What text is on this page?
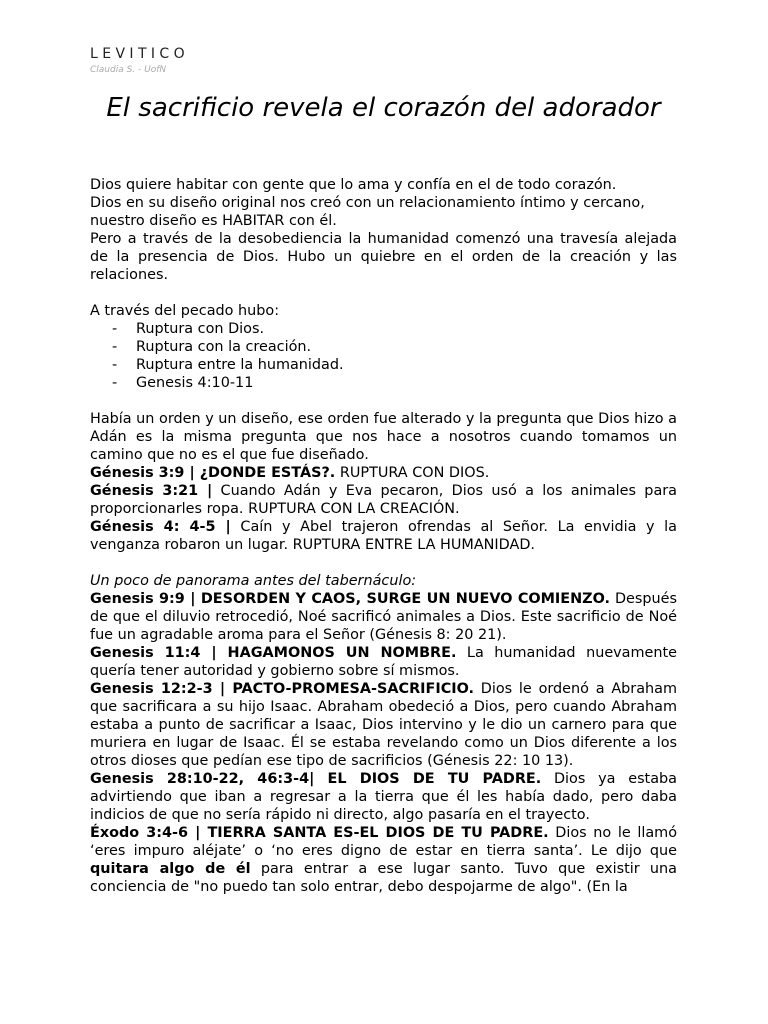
LEVITICO
Claudia S. - UofN
El sacrificio revela el corazón del adorador

Dios quiere habitar con gente que lo ama y confía en el de todo corazón.

Dios en su diseño original nos creó con un relacionamiento íntimo y cercano, nuestro diseño es HABITAR con él.

Pero a través de la desobediencia la humanidad comenzó una travesía alejada de la presencia de Dios. Hubo un quiebre en el orden de la creación y las relaciones.

A través del pecado hubo:

- Ruptura con Dios.
- Ruptura con la creación.
- Ruptura entre la humanidad.
- Genesis 4:10-11

Había un orden y un diseño, ese orden fue alterado y la pregunta que Dios hizo a Adán es la misma pregunta que nos hace a nosotros cuando tomamos un camino que no es el que fue diseñado.

Génesis 3:9 | ¿DONDE ESTÁS?. RUPTURA CON DIOS.

Génesis 3:21 | Cuando Adán y Eva pecaron, Dios usó a los animales para proporcionarles ropa. RUPTURA CON LA CREACIÓN.

Génesis 4: 4-5 | Caín y Abel trajeron ofrendas al Señor. La envidia y la venganza robaron un lugar. RUPTURA ENTRE LA HUMANIDAD.

Un poco de panorama antes del tabernáculo:

Genesis 9:9 | DESORDEN Y CAOS, SURGE UN NUEVO COMIENZO. Después de que el diluvio retrocedió, Noé sacrificó animales a Dios. Este sacrificio de Noé fue un agradable aroma para el Señor (Génesis 8: 20 21).

Genesis 11:4 | HAGAMONOS UN NOMBRE. La humanidad nuevamente quería tener autoridad y gobierno sobre sí mismos.

Genesis 12:2-3 | PACTO-PROMESA-SACRIFICIO. Dios le ordenó a Abraham que sacrificara a su hijo Isaac. Abraham obedeció a Dios, pero cuando Abraham estaba a punto de sacrificar a Isaac, Dios intervino y le dio un carnero para que muriera en lugar de Isaac. Él se estaba revelando como un Dios diferente a los otros dioses que pedían ese tipo de sacrificios (Génesis 22: 10 13).

Genesis 28:10-22, 46:3-4| EL DIOS DE TU PADRE. Dios ya estaba advirtiendo que iban a regresar a la tierra que él les había dado, pero daba indicios de que no sería rápido ni directo, algo pasaría en el trayecto.

Éxodo 3:4-6 | TIERRA SANTA ES-EL DIOS DE TU PADRE. Dios no le llamó ‘eres impuro aléjate’ o ‘no eres digno de estar en tierra santa’. Le dijo que quitara algo de él para entrar a ese lugar santo. Tuvo que existir una conciencia de "no puedo tan solo entrar, debo despojarme de algo". (En la
